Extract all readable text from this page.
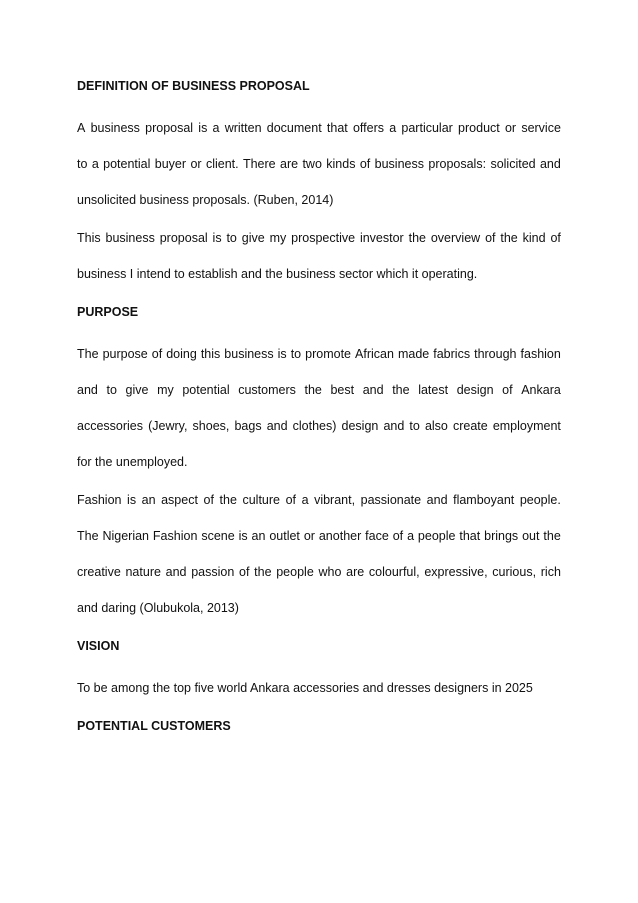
DEFINITION OF BUSINESS PROPOSAL
A business proposal is a written document that offers a particular product or service
to a potential buyer or client. There are two kinds of business proposals: solicited and
unsolicited business proposals. (Ruben, 2014)
This business proposal is to give my prospective investor the overview of the kind of
business I intend to establish and the business sector which it operating.
PURPOSE
The purpose of doing this business is to promote African made fabrics through fashion
and to give my potential customers the best and the latest design of Ankara
accessories (Jewry, shoes, bags and clothes) design and to also create employment
for the unemployed.
Fashion is an aspect of the culture of a vibrant, passionate and flamboyant people.
The Nigerian Fashion scene is an outlet or another face of a people that brings out the
creative nature and passion of the people who are colourful, expressive, curious, rich
and daring (Olubukola, 2013)
VISION
To be among the top five world Ankara accessories and dresses designers in 2025
POTENTIAL CUSTOMERS
